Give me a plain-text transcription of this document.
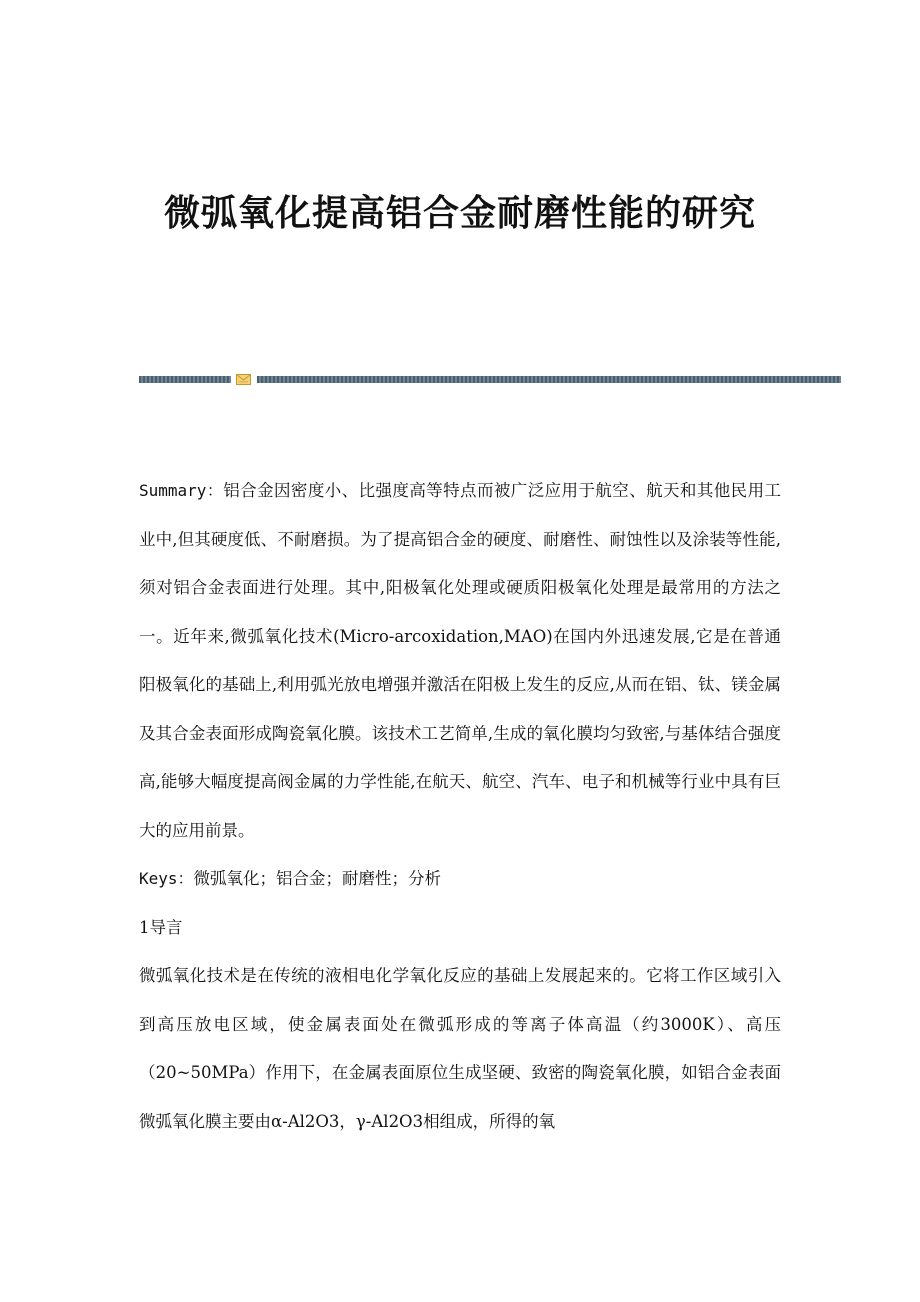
微弧氧化提高铝合金耐磨性能的研究

Summary：铝合金因密度小、比强度高等特点而被广泛应用于航空、航天和其他民用工业中,但其硬度低、不耐磨损。为了提高铝合金的硬度、耐磨性、耐蚀性以及涂装等性能,须对铝合金表面进行处理。其中,阳极氧化处理或硬质阳极氧化处理是最常用的方法之一。近年来,微弧氧化技术(Micro-arcoxidation,MAO)在国内外迅速发展,它是在普通阳极氧化的基础上,利用弧光放电增强并激活在阳极上发生的反应,从而在铝、钛、镁金属及其合金表面形成陶瓷氧化膜。该技术工艺简单,生成的氧化膜均匀致密,与基体结合强度高,能够大幅度提高阀金属的力学性能,在航天、航空、汽车、电子和机械等行业中具有巨大的应用前景。

Keys：微弧氧化；铝合金；耐磨性；分析

1导言

微弧氧化技术是在传统的液相电化学氧化反应的基础上发展起来的。它将工作区域引入到高压放电区域，使金属表面处在微弧形成的等离子体高温（约3000K）、高压（20~50MPa）作用下，在金属表面原位生成坚硬、致密的陶瓷氧化膜，如铝合金表面微弧氧化膜主要由α-Al2O3，γ-Al2O3相组成，所得的氧
